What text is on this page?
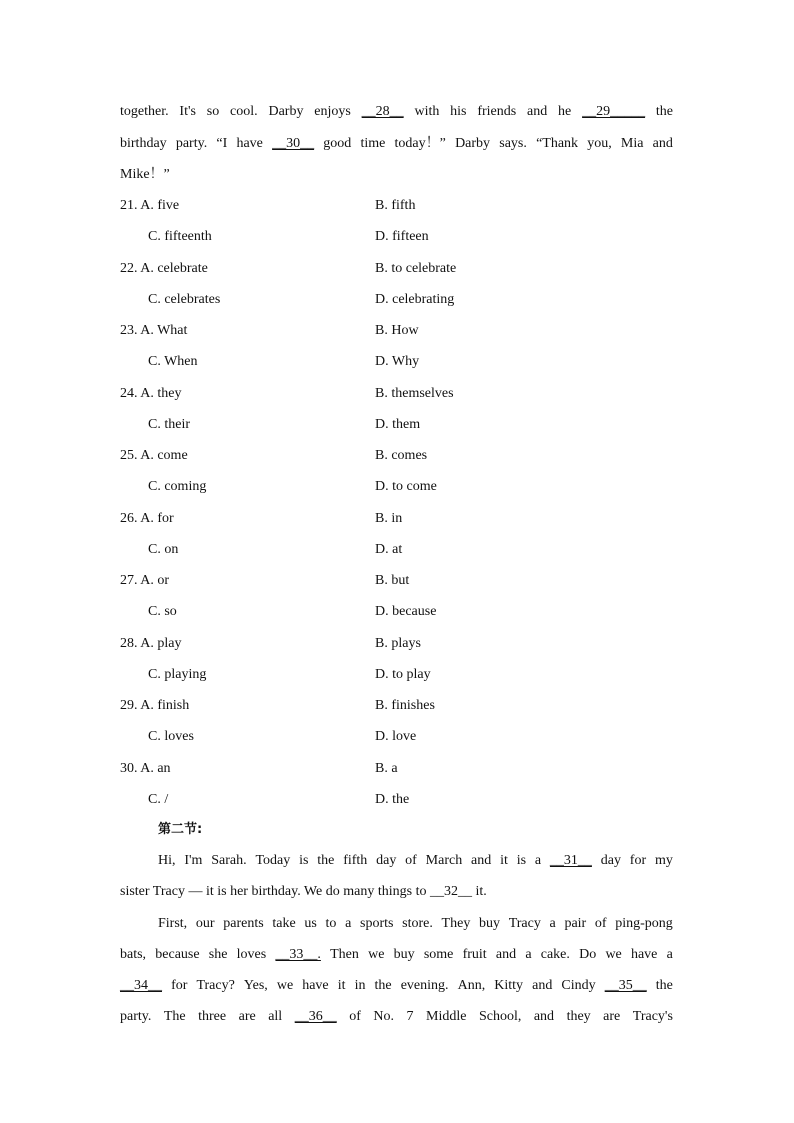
together. It's so cool. Darby enjoys __28__ with his friends and he __29_____ the
birthday party. “I have __30__ good time today！” Darby says. “Thank you, Mia and
Mike！”
21. A. five	B. fifth
C. fifteenth	D. fifteen
22. A. celebrate	B. to celebrate
C. celebrates	D. celebrating
23. A. What	B. How
C. When	D. Why
24. A. they	B. themselves
C. their	D. them
25. A. come	B. comes
C. coming	D. to come
26. A. for	B. in
C. on	D. at
27. A. or	B. but
C. so	D. because
28. A. play	B. plays
C. playing	D. to play
29. A. finish	B. finishes
C. loves	D. love
30. A. an	B. a
C. /	D. the
第二节:
Hi, I'm Sarah. Today is the fifth day of March and it is a __31__ day for my
sister Tracy — it is her birthday. We do many things to __32__ it.
First, our parents take us to a sports store. They buy Tracy a pair of ping-pong
bats, because she loves __33__. Then we buy some fruit and a cake. Do we have a
__34__ for Tracy? Yes, we have it in the evening. Ann, Kitty and Cindy __35__ the
party. The three are all __36__ of No. 7 Middle School, and they are Tracy's
